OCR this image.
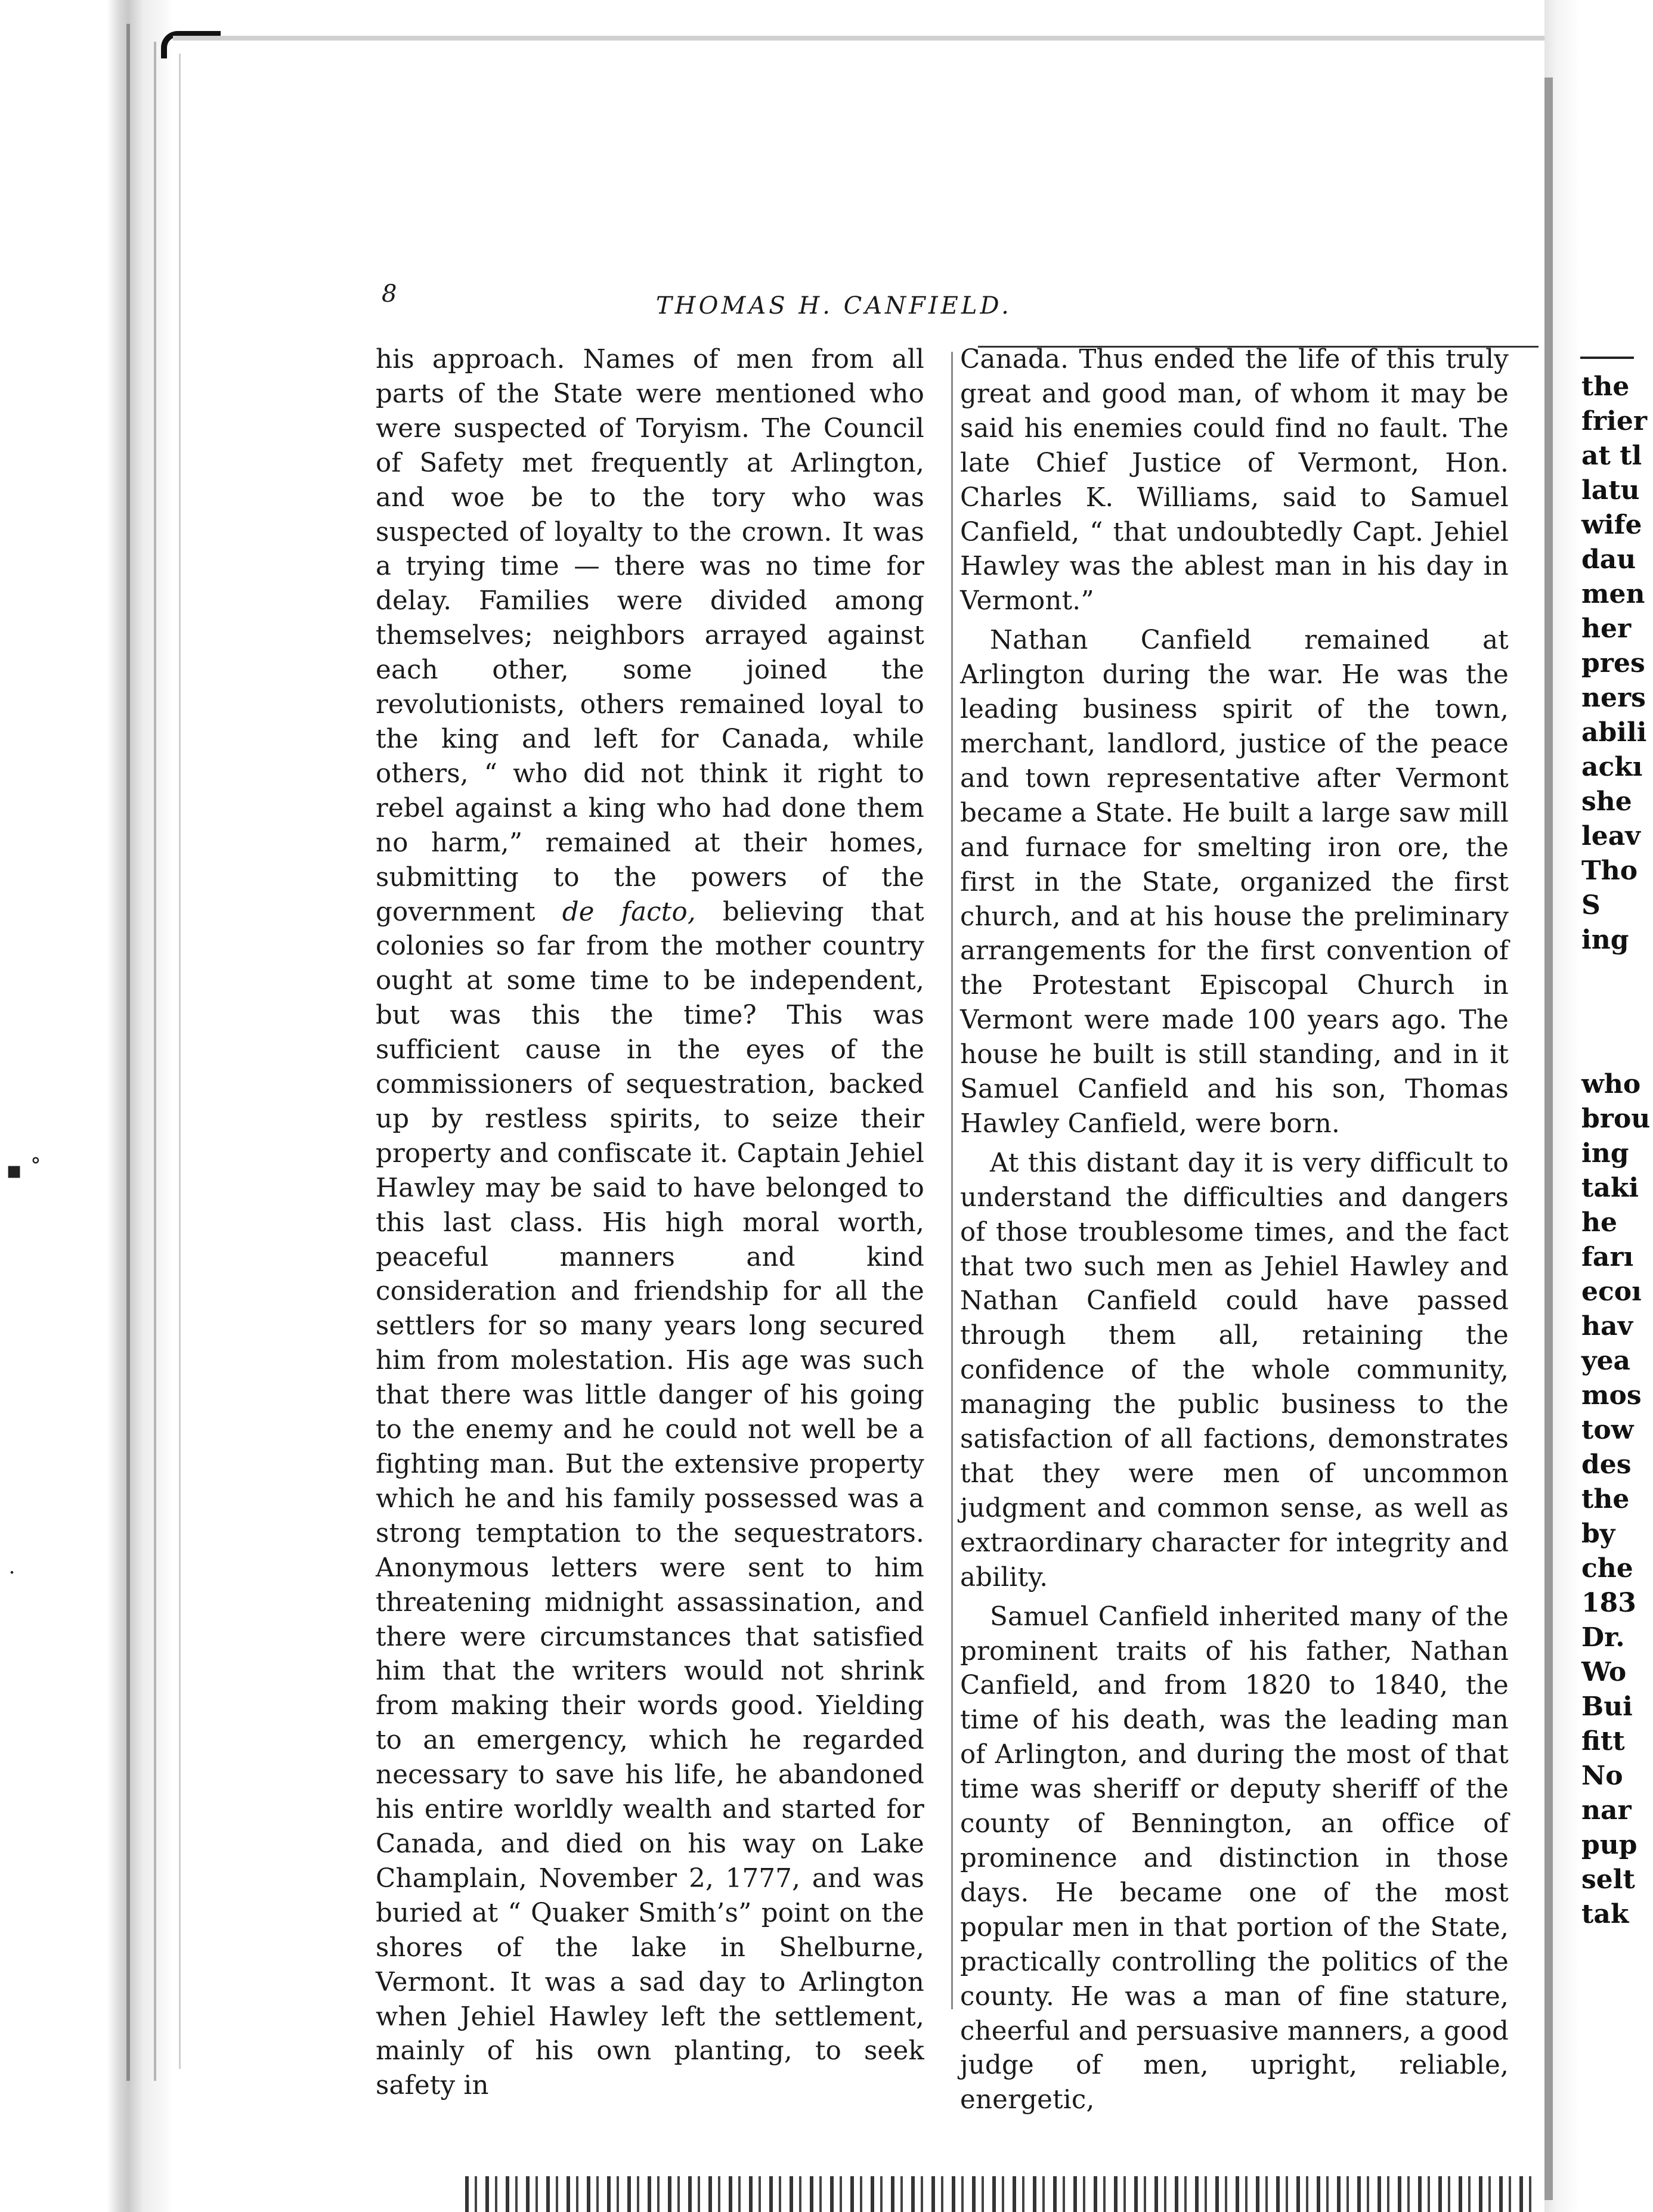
▪ ˚
˙
8	THOMAS H. CANFIELD.

his approach. Names of men from all parts of the State were mentioned who were suspected of Toryism. The Council of Safety met frequently at Arlington, and woe be to the tory who was suspected of loyalty to the crown. It was a trying time — there was no time for delay. Families were divided among themselves; neighbors arrayed against each other, some joined the revolutionists, others remained loyal to the king and left for Canada, while others, “ who did not think it right to rebel against a king who had done them no harm,” remained at their homes, submitting to the powers of the government de facto, believing that colonies so far from the mother country ought at some time to be independent, but was this the time? This was sufficient cause in the eyes of the commissioners of sequestration, backed up by restless spirits, to seize their property and confiscate it. Captain Jehiel Hawley may be said to have belonged to this last class. His high moral worth, peaceful manners and kind consideration and friendship for all the settlers for so many years long secured him from molestation. His age was such that there was little danger of his going to the enemy and he could not well be a fighting man. But the extensive property which he and his family possessed was a strong temptation to the sequestrators. Anonymous letters were sent to him threatening midnight assassination, and there were circumstances that satisfied him that the writers would not shrink from making their words good. Yielding to an emergency, which he regarded necessary to save his life, he abandoned his entire worldly wealth and started for Canada, and died on his way on Lake Champlain, November 2, 1777, and was buried at “ Quaker Smith’s” point on the shores of the lake in Shelburne, Vermont. It was a sad day to Arlington when Jehiel Hawley left the settlement, mainly of his own planting, to seek safety in

Canada. Thus ended the life of this truly great and good man, of whom it may be said his enemies could find no fault. The late Chief Justice of Vermont, Hon. Charles K. Williams, said to Samuel Canfield, “ that undoubtedly Capt. Jehiel Hawley was the ablest man in his day in Vermont.”

Nathan Canfield remained at Arlington during the war. He was the leading business spirit of the town, merchant, landlord, justice of the peace and town representative after Vermont became a State. He built a large saw mill and furnace for smelting iron ore, the first in the State, organized the first church, and at his house the preliminary arrangements for the first convention of the Protestant Episcopal Church in Vermont were made 100 years ago. The house he built is still standing, and in it Samuel Canfield and his son, Thomas Hawley Canfield, were born.

At this distant day it is very difficult to understand the difficulties and dangers of those troublesome times, and the fact that two such men as Jehiel Hawley and Nathan Canfield could have passed through them all, retaining the confidence of the whole community, managing the public business to the satisfaction of all factions, demonstrates that they were men of uncommon judgment and common sense, as well as extraordinary character for integrity and ability.

Samuel Canfield inherited many of the prominent traits of his father, Nathan Canfield, and from 1820 to 1840, the time of his death, was the leading man of Arlington, and during the most of that time was sheriff or deputy sheriff of the county of Bennington, an office of prominence and distinction in those days. He became one of the most popular men in that portion of the State, practically controlling the politics of the county. He was a man of fine stature, cheerful and persuasive manners, a good judge of men, upright, reliable, energetic,

the
frier
at tl
latu
wife
dau
men
her
pres
ners
abili
ackı
she
leav
Tho
S
ing
who
brou
ing
taki
he
farı
ecoı
hav
yea
mos
tow
des
the
by
che
183
Dr.
Wo
Bui
fitt
No
nar
pup
selt
tak
